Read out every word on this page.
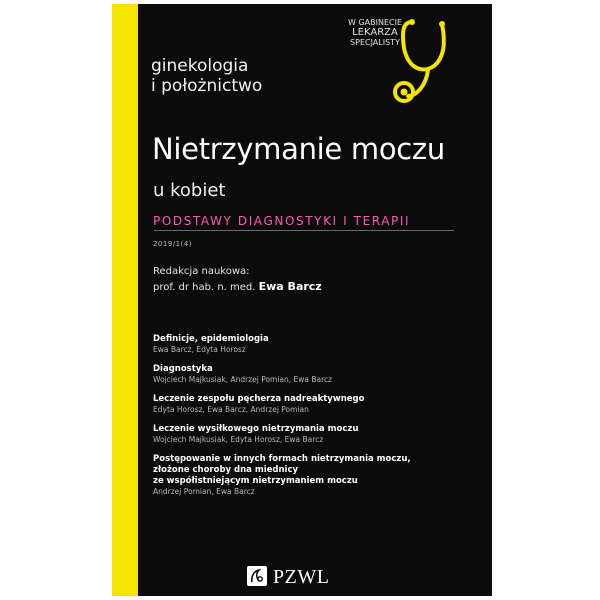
ginekologia
i położnictwo
W GABINECIE
LEKARZA
SPECJALISTY
Nietrzymanie moczu
u kobiet
PODSTAWY DIAGNOSTYKI I TERAPII
2019/1(4)
Redakcja naukowa:
prof. dr hab. n. med. Ewa Barcz
Definicje, epidemiologia
Ewa Barcz, Edyta Horosz
Diagnostyka
Wojciech Majkusiak, Andrzej Pomian, Ewa Barcz
Leczenie zespołu pęcherza nadreaktywnego
Edyta Horosz, Ewa Barcz, Andrzej Pomian
Leczenie wysiłkowego nietrzymania moczu
Wojciech Majkusiak, Edyta Horosz, Ewa Barcz
Postępowanie w innych formach nietrzymania moczu,
złożone choroby dna miednicy
ze współistniejącym nietrzymaniem moczu
Andrzej Pomian, Ewa Barcz
PZWL
